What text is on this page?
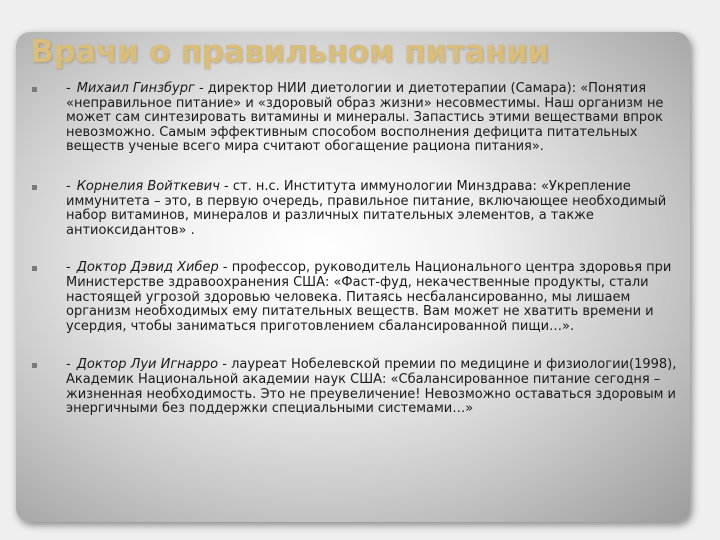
Врачи о правильном питании
- Михаил Гинзбург - директор НИИ диетологии и диетотерапии (Самара): «Понятия «неправильное питание» и «здоровый образ жизни» несовместимы. Наш организм не может сам синтезировать витамины и минералы. Запастись этими веществами впрок невозможно. Самым эффективным способом восполнения дефицита питательных веществ ученые всего мира считают обогащение рациона питания».
- Корнелия Войткевич - ст. н.с. Института иммунологии Минздрава: «Укрепление иммунитета – это, в первую очередь, правильное питание, включающее необходимый набор витаминов, минералов и различных питательных элементов, а также антиоксидантов» .
- Доктор Дэвид Хибер - профессор, руководитель Национального центра здоровья при Министерстве здравоохранения США: «Фаст-фуд, некачественные продукты, стали настоящей угрозой здоровью человека. Питаясь несбалансированно, мы лишаем организм необходимых ему питательных веществ. Вам может не хватить времени и усердия, чтобы заниматься приготовлением сбалансированной пищи…».
- Доктор Луи Игнарро - лауреат Нобелевской премии по медицине и физиологии(1998), Академик Национальной академии наук США: «Сбалансированное питание сегодня – жизненная необходимость. Это не преувеличение! Невозможно оставаться здоровым и энергичными без поддержки специальными системами…»
